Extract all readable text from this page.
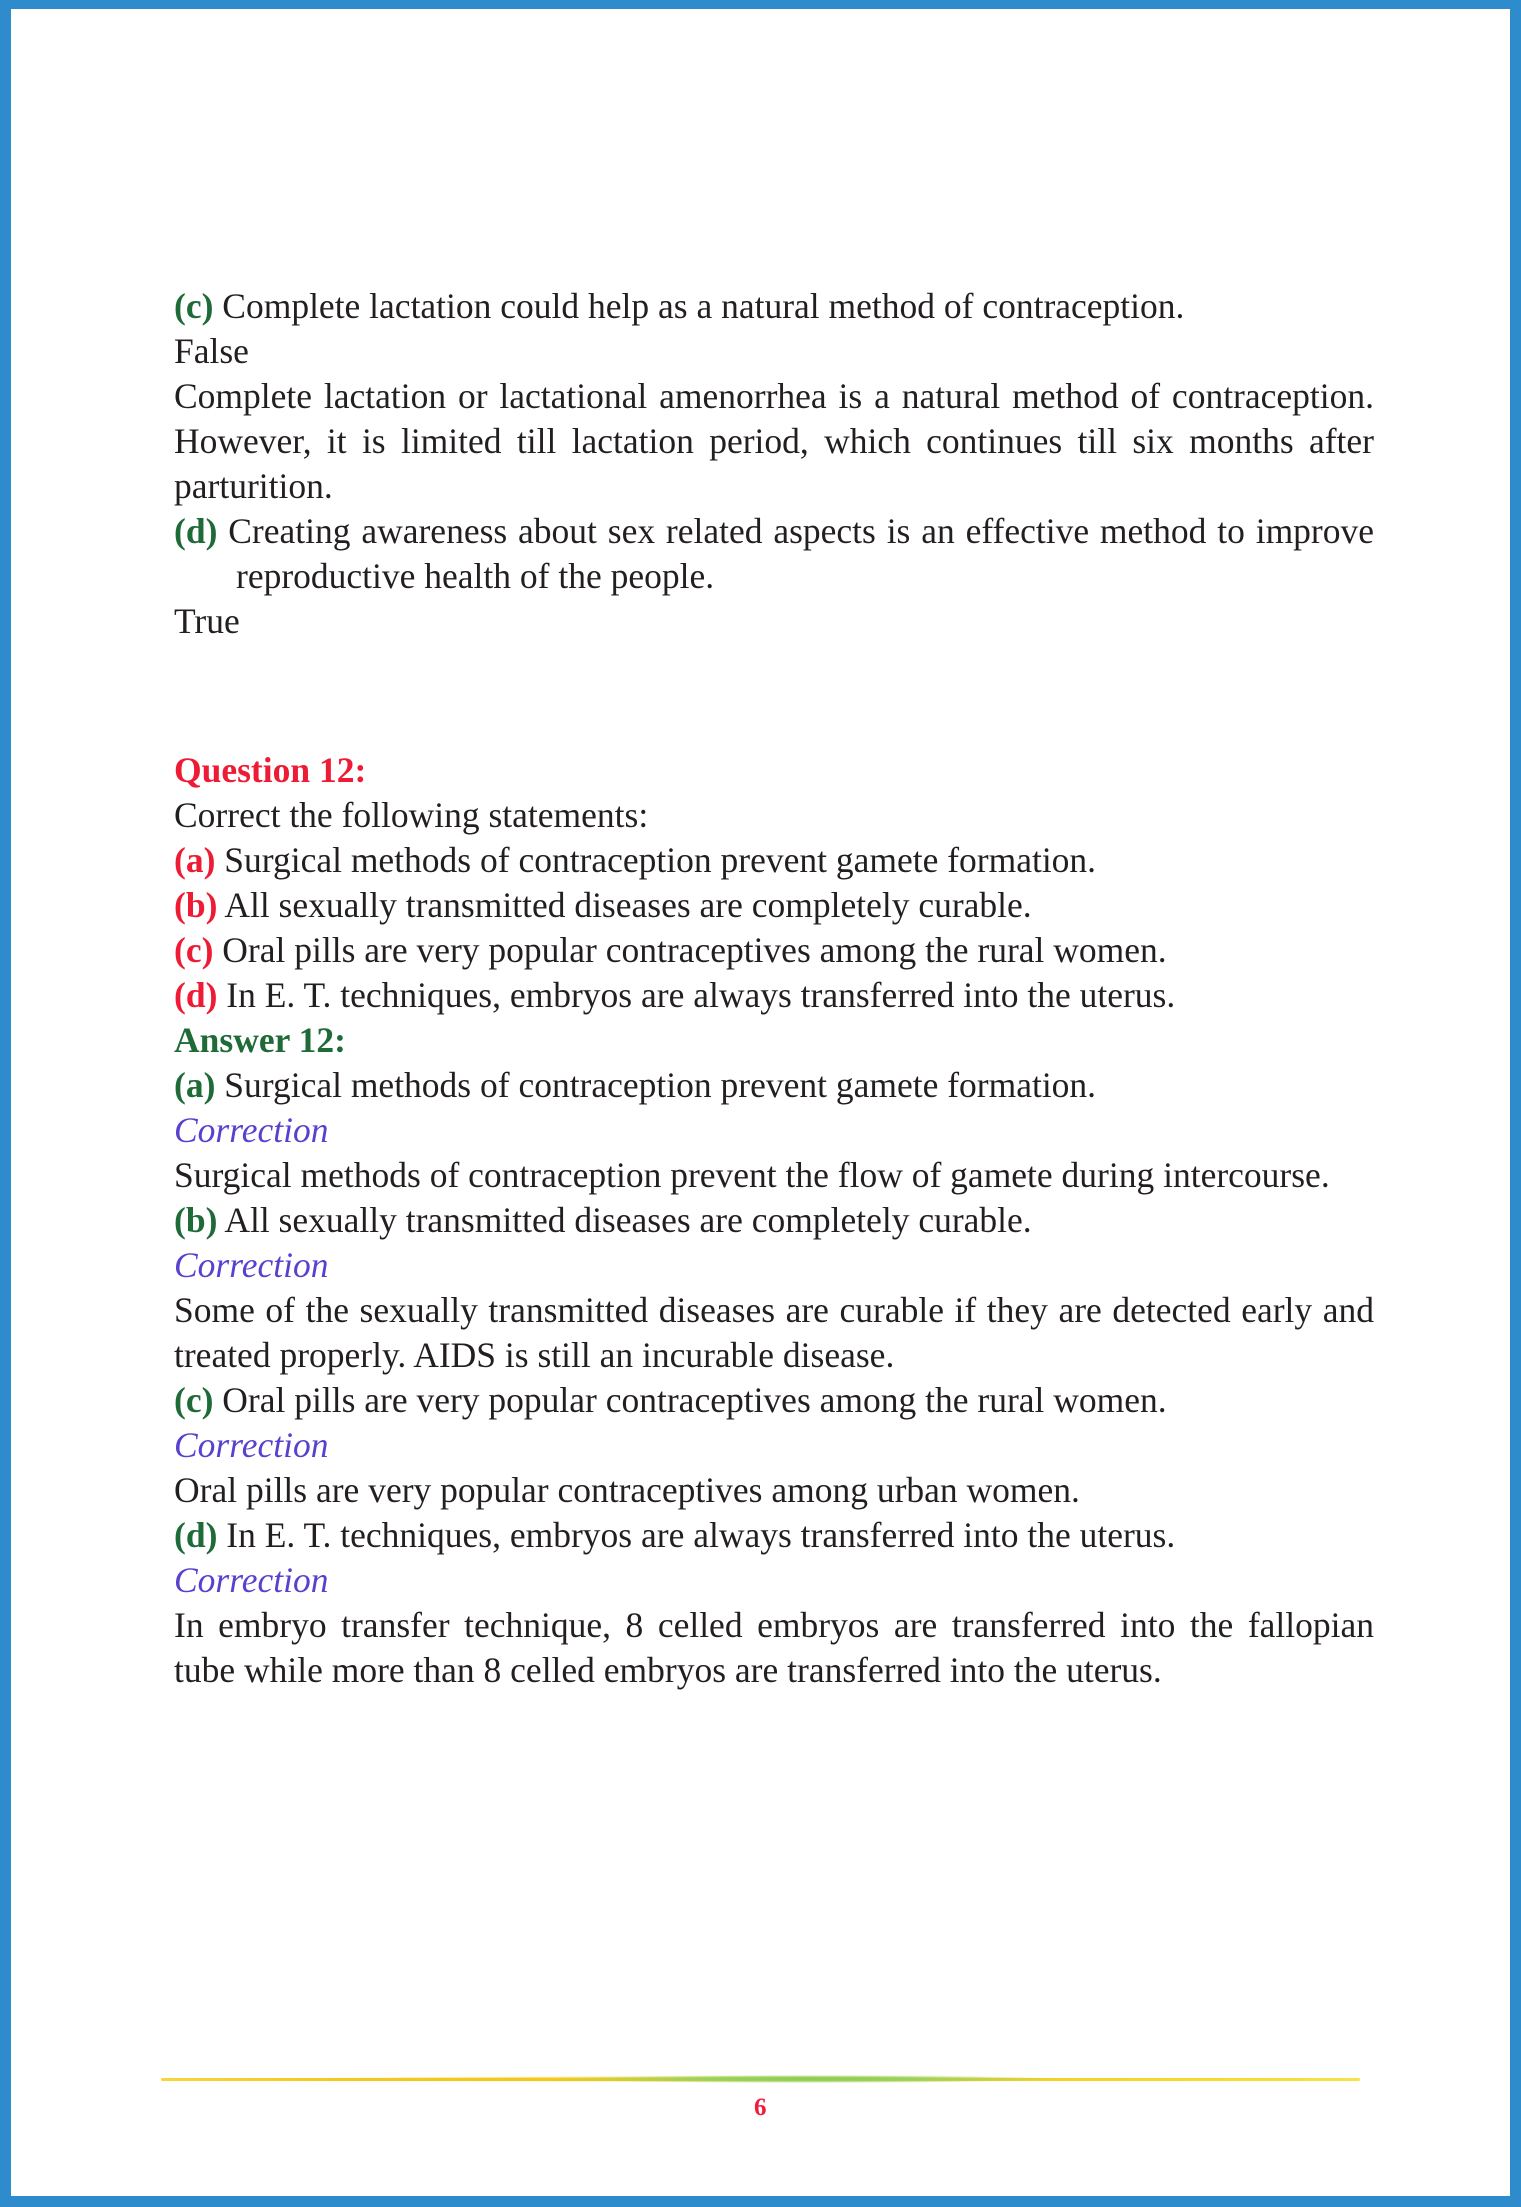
(c) Complete lactation could help as a natural method of contraception.

False

Complete lactation or lactational amenorrhea is a natural method of contraception. However, it is limited till lactation period, which continues till six months after parturition.

(d) Creating awareness about sex related aspects is an effective method to improve reproductive health of the people.

True

Question 12:

Correct the following statements:

(a) Surgical methods of contraception prevent gamete formation.

(b) All sexually transmitted diseases are completely curable.

(c) Oral pills are very popular contraceptives among the rural women.

(d) In E. T. techniques, embryos are always transferred into the uterus.

Answer 12:

(a) Surgical methods of contraception prevent gamete formation.

Correction

Surgical methods of contraception prevent the flow of gamete during intercourse.

(b) All sexually transmitted diseases are completely curable.

Correction

Some of the sexually transmitted diseases are curable if they are detected early and treated properly. AIDS is still an incurable disease.

(c) Oral pills are very popular contraceptives among the rural women.

Correction

Oral pills are very popular contraceptives among urban women.

(d) In E. T. techniques, embryos are always transferred into the uterus.

Correction

In embryo transfer technique, 8 celled embryos are transferred into the fallopian tube while more than 8 celled embryos are transferred into the uterus.

6
